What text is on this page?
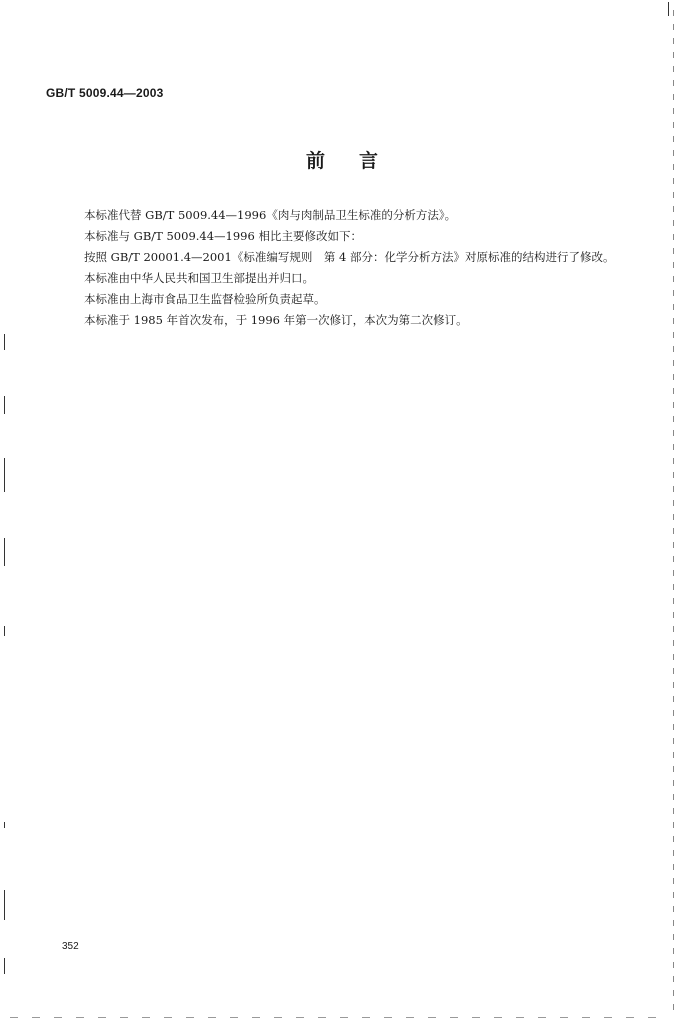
GB/T 5009.44—2003
前言

本标准代替 GB/T 5009.44—1996《肉与肉制品卫生标准的分析方法》。

本标准与 GB/T 5009.44—1996 相比主要修改如下：

按照 GB/T 20001.4—2001《标准编写规则　第 4 部分：化学分析方法》对原标准的结构进行了修改。

本标准由中华人民共和国卫生部提出并归口。

本标准由上海市食品卫生监督检验所负责起草。

本标准于 1985 年首次发布，于 1996 年第一次修订，本次为第二次修订。

352
